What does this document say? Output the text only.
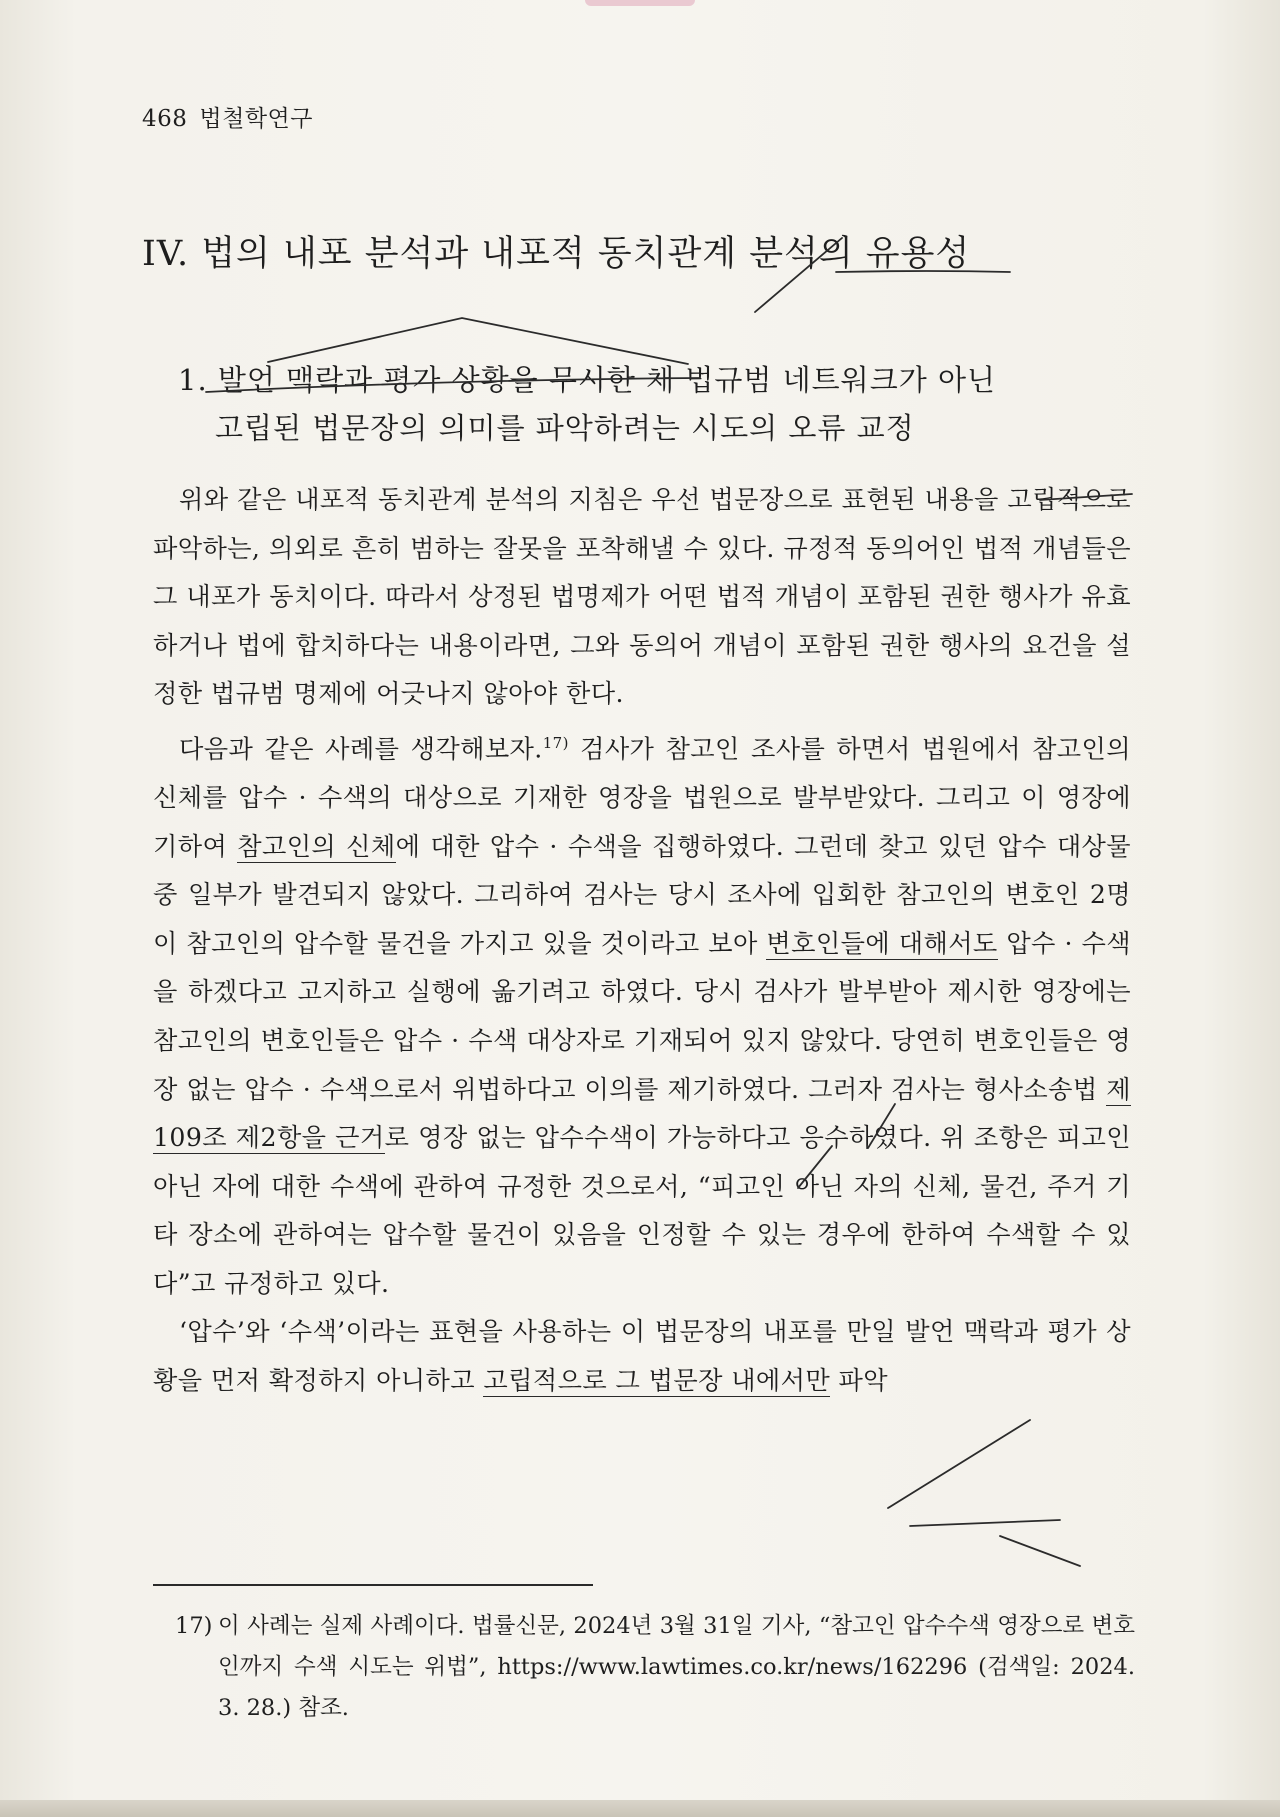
468 법철학연구
IV. 법의 내포 분석과 내포적 동치관계 분석의 유용성
1. 발언 맥락과 평가 상황을 무시한 채 법규범 네트워크가 아닌
고립된 법문장의 의미를 파악하려는 시도의 오류 교정

위와 같은 내포적 동치관계 분석의 지침은 우선 법문장으로 표현된 내용을 고립적으로 파악하는, 의외로 흔히 범하는 잘못을 포착해낼 수 있다. 규정적 동의어인 법적 개념들은 그 내포가 동치이다. 따라서 상정된 법명제가 어떤 법적 개념이 포함된 권한 행사가 유효하거나 법에 합치하다는 내용이라면, 그와 동의어 개념이 포함된 권한 행사의 요건을 설정한 법규범 명제에 어긋나지 않아야 한다.

다음과 같은 사례를 생각해보자.$^{17)}$ 검사가 참고인 조사를 하면서 법원에서 참고인의 신체를 압수 · 수색의 대상으로 기재한 영장을 법원으로 발부받았다. 그리고 이 영장에 기하여 참고인의 신체에 대한 압수 · 수색을 집행하였다. 그런데 찾고 있던 압수 대상물 중 일부가 발견되지 않았다. 그리하여 검사는 당시 조사에 입회한 참고인의 변호인 2명이 참고인의 압수할 물건을 가지고 있을 것이라고 보아 변호인들에 대해서도 압수 · 수색을 하겠다고 고지하고 실행에 옮기려고 하였다. 당시 검사가 발부받아 제시한 영장에는 참고인의 변호인들은 압수 · 수색 대상자로 기재되어 있지 않았다. 당연히 변호인들은 영장 없는 압수 · 수색으로서 위법하다고 이의를 제기하였다. 그러자 검사는 형사소송법 제109조 제2항을 근거로 영장 없는 압수수색이 가능하다고 응수하였다. 위 조항은 피고인 아닌 자에 대한 수색에 관하여 규정한 것으로서, “피고인 아닌 자의 신체, 물건, 주거 기타 장소에 관하여는 압수할 물건이 있음을 인정할 수 있는 경우에 한하여 수색할 수 있다”고 규정하고 있다.

‘압수’와 ‘수색’이라는 표현을 사용하는 이 법문장의 내포를 만일 발언 맥락과 평가 상황을 먼저 확정하지 아니하고 고립적으로 그 법문장 내에서만 파악

17) 이 사례는 실제 사례이다. 법률신문, 2024년 3월 31일 기사, “참고인 압수수색 영장으로 변호인까지 수색 시도는 위법”, https://www.lawtimes.co.kr/news/162296 (검색일: 2024. 3. 28.) 참조.
